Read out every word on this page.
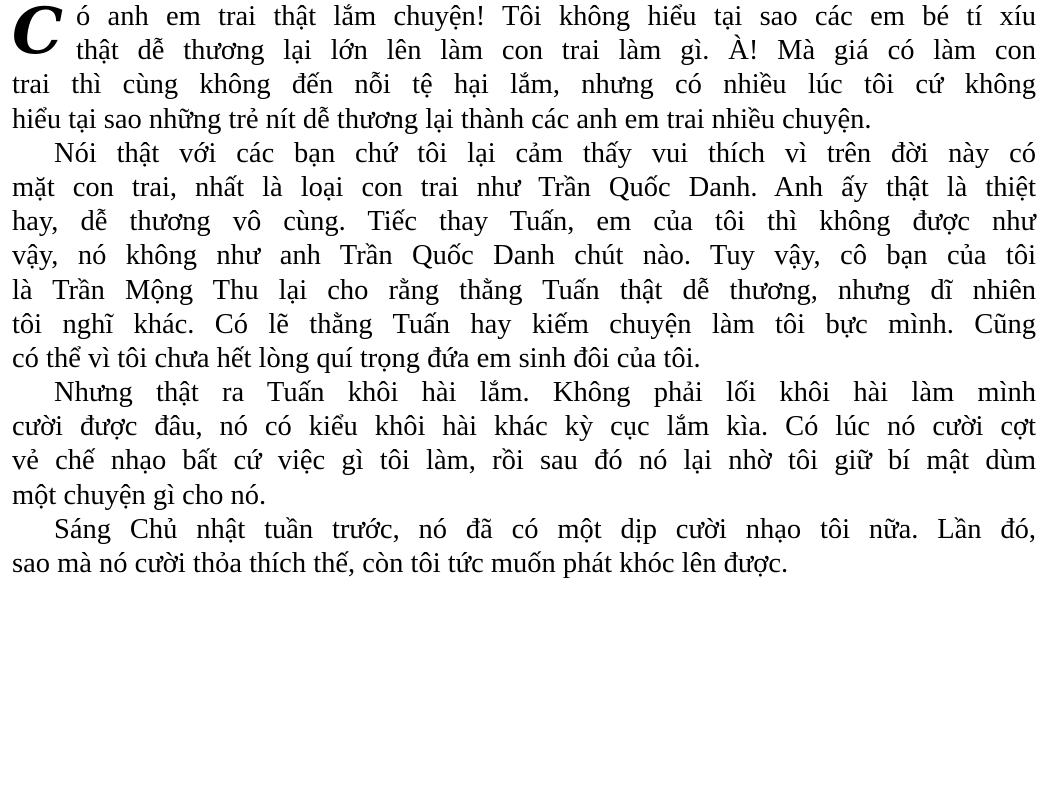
C ó anh em trai thật lắm chuyện! Tôi không hiểu tại sao các em bé tí xíu
thật dễ thương lại lớn lên làm con trai làm gì. À! Mà giá có làm con
trai thì cùng không đến nỗi tệ hại lắm, nhưng có nhiều lúc tôi cứ không
hiểu tại sao những trẻ nít dễ thương lại thành các anh em trai nhiều chuyện.
Nói thật với các bạn chứ tôi lại cảm thấy vui thích vì trên đời này có
mặt con trai, nhất là loại con trai như Trần Quốc Danh. Anh ấy thật là thiệt
hay, dễ thương vô cùng. Tiếc thay Tuấn, em của tôi thì không được như
vậy, nó không như anh Trần Quốc Danh chút nào. Tuy vậy, cô bạn của tôi
là Trần Mộng Thu lại cho rằng thằng Tuấn thật dễ thương, nhưng dĩ nhiên
tôi nghĩ khác. Có lẽ thằng Tuấn hay kiếm chuyện làm tôi bực mình. Cũng
có thể vì tôi chưa hết lòng quí trọng đứa em sinh đôi của tôi.
Nhưng thật ra Tuấn khôi hài lắm. Không phải lối khôi hài làm mình
cười được đâu, nó có kiểu khôi hài khác kỳ cục lắm kìa. Có lúc nó cười cợt
vẻ chế nhạo bất cứ việc gì tôi làm, rồi sau đó nó lại nhờ tôi giữ bí mật dùm
một chuyện gì cho nó.
Sáng Chủ nhật tuần trước, nó đã có một dịp cười nhạo tôi nữa. Lần đó,
sao mà nó cười thỏa thích thế, còn tôi tức muốn phát khóc lên được.
